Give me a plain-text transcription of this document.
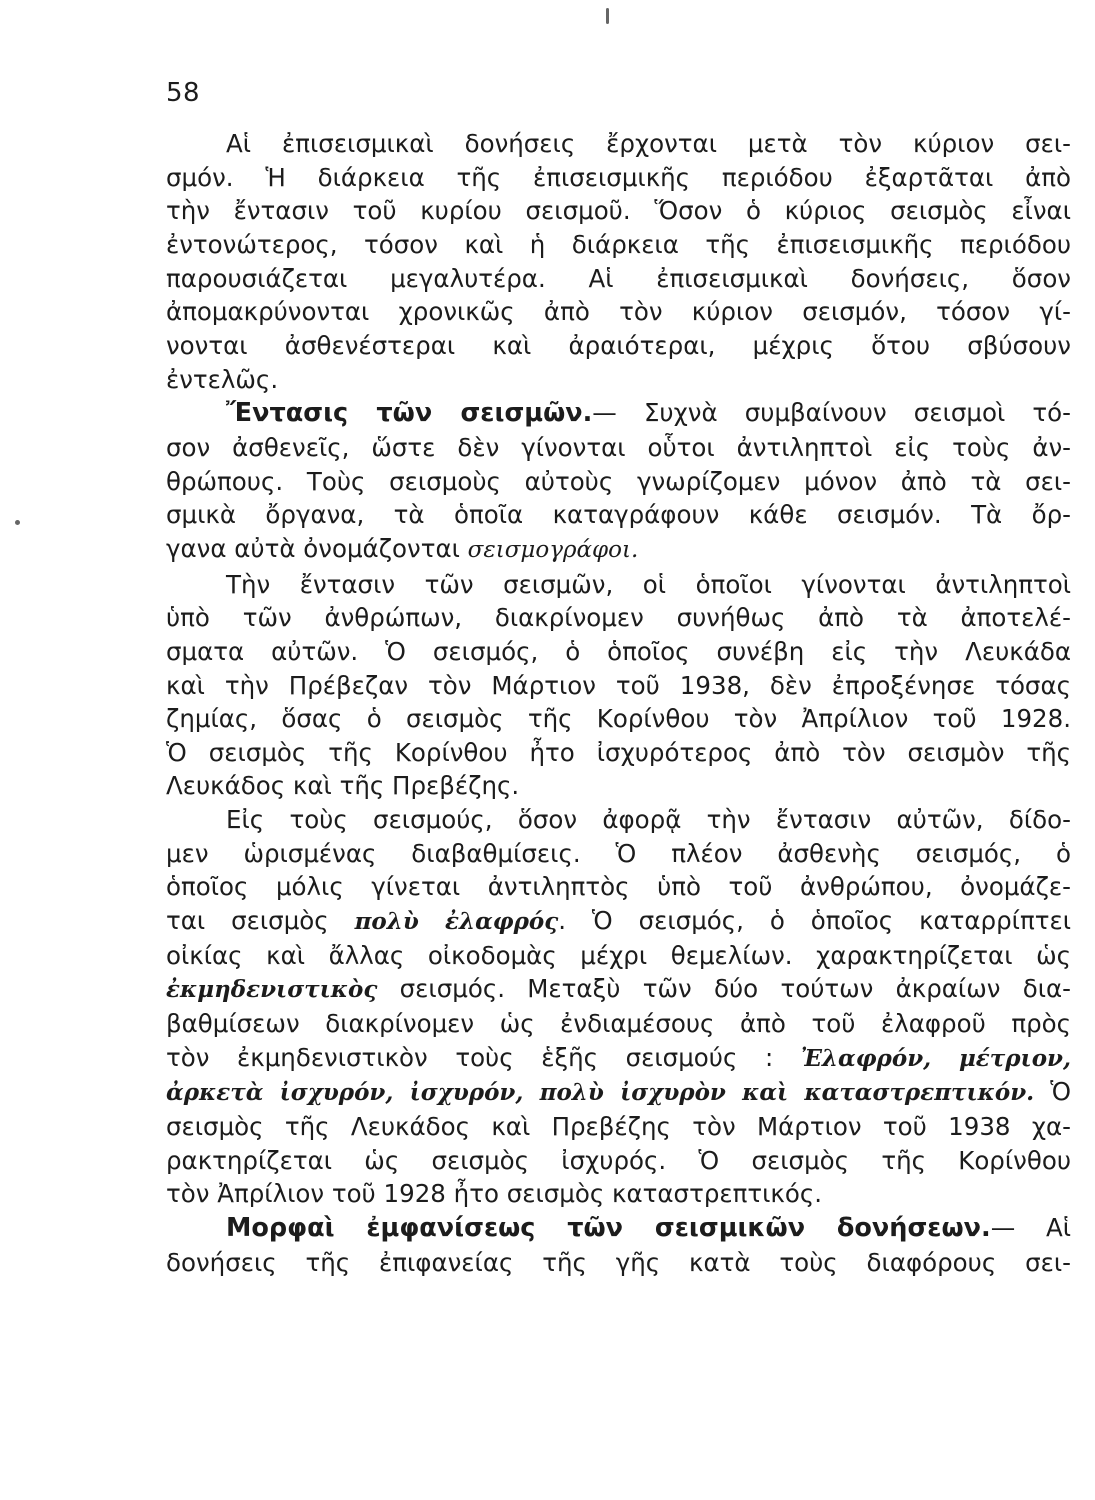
58
Αἱ ἐπισεισμικαὶ δονήσεις ἔρχονται μετὰ τὸν κύριον σει-
σμόν. Ἡ διάρκεια τῆς ἐπισεισμικῆς περιόδου ἐξαρτᾶται ἀπὸ
τὴν ἔντασιν τοῦ κυρίου σεισμοῦ. Ὅσον ὁ κύριος σεισμὸς εἶναι
ἐντονώτερος, τόσον καὶ ἡ διάρκεια τῆς ἐπισεισμικῆς περιόδου
παρουσιάζεται μεγαλυτέρα. Αἱ ἐπισεισμικαὶ δονήσεις, ὅσον
ἀπομακρύνονται χρονικῶς ἀπὸ τὸν κύριον σεισμόν, τόσον γί-
νονται ἀσθενέστεραι καὶ ἀραιότεραι, μέχρις ὅτου σβύσουν
ἐντελῶς.
Ἔντασις τῶν σεισμῶν.— Συχνὰ συμβαίνουν σεισμοὶ τό-
σον ἀσθενεῖς, ὥστε δὲν γίνονται οὗτοι ἀντιληπτοὶ εἰς τοὺς ἀν-
θρώπους. Τοὺς σεισμοὺς αὐτοὺς γνωρίζομεν μόνον ἀπὸ τὰ σει-
σμικὰ ὄργανα, τὰ ὁποῖα καταγράφουν κάθε σεισμόν. Τὰ ὄρ-
γανα αὐτὰ ὀνομάζονται σεισμογράφοι.
Τὴν ἔντασιν τῶν σεισμῶν, οἱ ὁποῖοι γίνονται ἀντιληπτοὶ
ὑπὸ τῶν ἀνθρώπων, διακρίνομεν συνήθως ἀπὸ τὰ ἀποτελέ-
σματα αὐτῶν. Ὁ σεισμός, ὁ ὁποῖος συνέβη εἰς τὴν Λευκάδα
καὶ τὴν Πρέβεζαν τὸν Μάρτιον τοῦ 1938, δὲν ἐπροξένησε τόσας
ζημίας, ὅσας ὁ σεισμὸς τῆς Κορίνθου τὸν Ἀπρίλιον τοῦ 1928.
Ὁ σεισμὸς τῆς Κορίνθου ἦτο ἰσχυρότερος ἀπὸ τὸν σεισμὸν τῆς
Λευκάδος καὶ τῆς Πρεβέζης.
Εἰς τοὺς σεισμούς, ὅσον ἀφορᾷ τὴν ἔντασιν αὐτῶν, δίδο-
μεν ὡρισμένας διαβαθμίσεις. Ὁ πλέον ἀσθενὴς σεισμός, ὁ
ὁποῖος μόλις γίνεται ἀντιληπτὸς ὑπὸ τοῦ ἀνθρώπου, ὀνομάζε-
ται σεισμὸς πολὺ ἐλαφρός. Ὁ σεισμός, ὁ ὁποῖος καταρρίπτει
οἰκίας καὶ ἄλλας οἰκοδομὰς μέχρι θεμελίων. χαρακτηρίζεται ὡς
ἐκμηδενιστικὸς σεισμός. Μεταξὺ τῶν δύο τούτων ἀκραίων δια-
βαθμίσεων διακρίνομεν ὡς ἐνδιαμέσους ἀπὸ τοῦ ἐλαφροῦ πρὸς
τὸν ἐκμηδενιστικὸν τοὺς ἑξῆς σεισμούς : Ἐλαφρόν, μέτριον,
ἀρκετὰ ἰσχυρόν, ἰσχυρόν, πολὺ ἰσχυρὸν καὶ καταστρεπτικόν. Ὁ
σεισμὸς τῆς Λευκάδος καὶ Πρεβέζης τὸν Μάρτιον τοῦ 1938 χα-
ρακτηρίζεται ὡς σεισμὸς ἰσχυρός. Ὁ σεισμὸς τῆς Κορίνθου
τὸν Ἀπρίλιον τοῦ 1928 ἦτο σεισμὸς καταστρεπτικός.
Μορφαὶ ἐμφανίσεως τῶν σεισμικῶν δονήσεων.— Αἱ
δονήσεις τῆς ἐπιφανείας τῆς γῆς κατὰ τοὺς διαφόρους σει-
